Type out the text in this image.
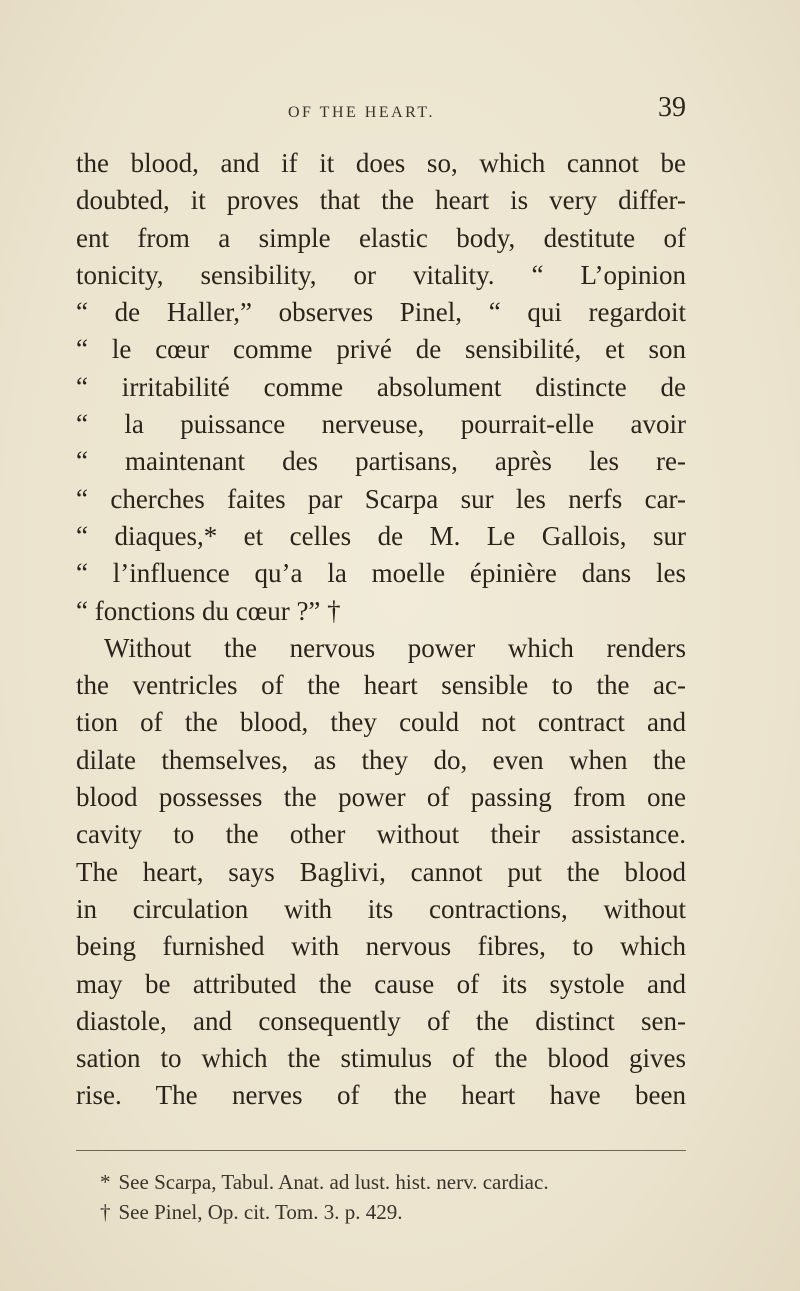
OF THE HEART.	39
the blood, and if it does so, which cannot be
doubted, it proves that the heart is very differ-
ent from a simple elastic body, destitute of
tonicity, sensibility, or vitality. “ L’opinion
“ de Haller,” observes Pinel, “ qui regardoit
“ le cœur comme privé de sensibilité, et son
“ irritabilité comme absolument distincte de
“ la puissance nerveuse, pourrait-elle avoir
“ maintenant des partisans, après les re-
“ cherches faites par Scarpa sur les nerfs car-
“ diaques,* et celles de M. Le Gallois, sur
“ l’influence qu’a la moelle épinière dans les
“ fonctions du cœur ?” †
Without the nervous power which renders
the ventricles of the heart sensible to the ac-
tion of the blood, they could not contract and
dilate themselves, as they do, even when the
blood possesses the power of passing from one
cavity to the other without their assistance.
The heart, says Baglivi, cannot put the blood
in circulation with its contractions, without
being furnished with nervous fibres, to which
may be attributed the cause of its systole and
diastole, and consequently of the distinct sen-
sation to which the stimulus of the blood gives
rise. The nerves of the heart have been
* See Scarpa, Tabul. Anat. ad lust. hist. nerv. cardiac.
† See Pinel, Op. cit. Tom. 3. p. 429.
